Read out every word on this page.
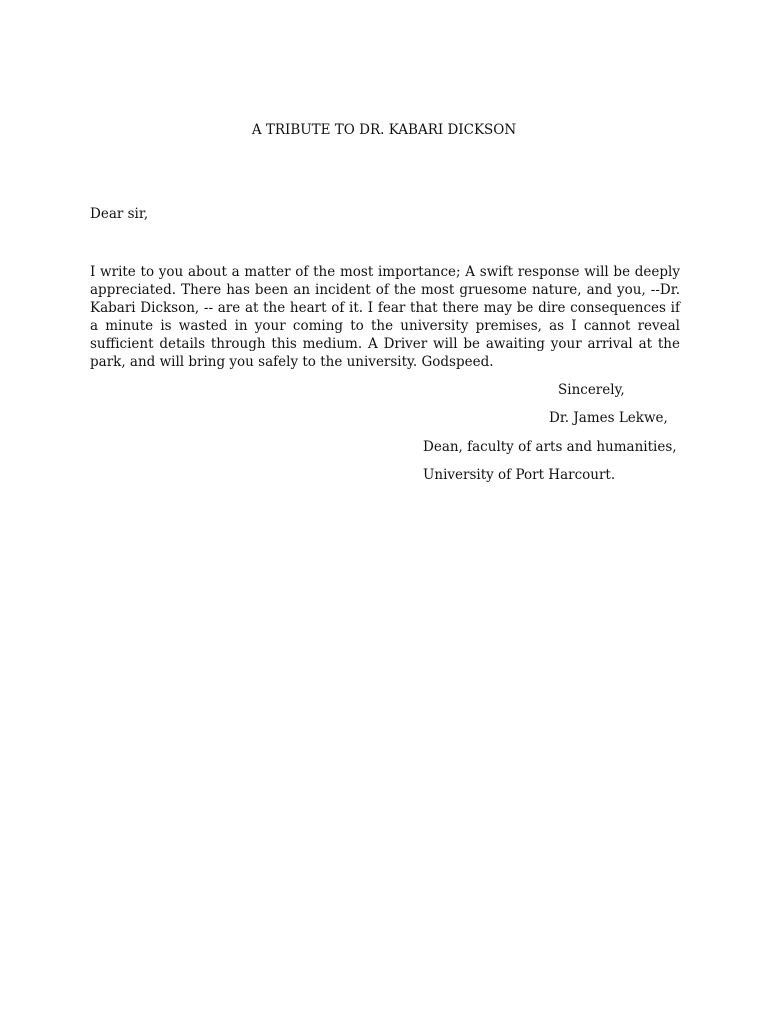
A TRIBUTE TO DR. KABARI DICKSON
Dear sir,

I write to you about a matter of the most importance; A swift response will be deeply appreciated. There has been an incident of the most gruesome nature, and you, --Dr. Kabari Dickson, -- are at the heart of it. I fear that there may be dire consequences if a minute is wasted in your coming to the university premises, as I cannot reveal sufficient details through this medium. A Driver will be awaiting your arrival at the park, and will bring you safely to the university. Godspeed.

Sincerely,
Dr. James Lekwe,
Dean, faculty of arts and humanities,
University of Port Harcourt.
